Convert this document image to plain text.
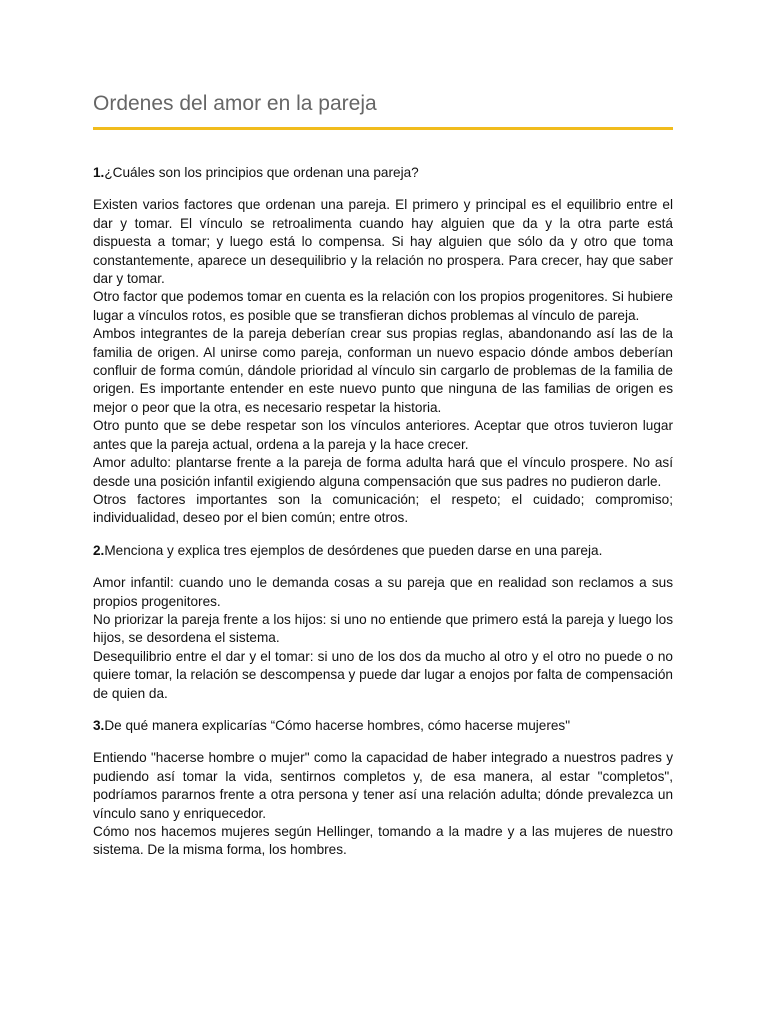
Ordenes del amor en la pareja
1.¿Cuáles son los principios que ordenan una pareja?

Existen varios factores que ordenan una pareja. El primero y principal es el equilibrio entre el dar y tomar. El vínculo se retroalimenta cuando hay alguien que da y la otra parte está dispuesta a tomar; y luego está lo compensa. Si hay alguien que sólo da y otro que toma constantemente, aparece un desequilibrio y la relación no prospera. Para crecer, hay que saber dar y tomar.

Otro factor que podemos tomar en cuenta es la relación con los propios progenitores. Si hubiere lugar a vínculos rotos, es posible que se transfieran dichos problemas al vínculo de pareja.

Ambos integrantes de la pareja deberían crear sus propias reglas, abandonando así las de la familia de origen. Al unirse como pareja, conforman un nuevo espacio dónde ambos deberían confluir de forma común, dándole prioridad al vínculo sin cargarlo de problemas de la familia de origen. Es importante entender en este nuevo punto que ninguna de las familias de origen es mejor o peor que la otra, es necesario respetar la historia.

Otro punto que se debe respetar son los vínculos anteriores. Aceptar que otros tuvieron lugar antes que la pareja actual, ordena a la pareja y la hace crecer.

Amor adulto: plantarse frente a la pareja de forma adulta hará que el vínculo prospere. No así desde una posición infantil exigiendo alguna compensación que sus padres no pudieron darle.

Otros factores importantes son la comunicación; el respeto; el cuidado; compromiso; individualidad, deseo por el bien común; entre otros.

2.Menciona y explica tres ejemplos de desórdenes que pueden darse en una pareja.

Amor infantil: cuando uno le demanda cosas a su pareja que en realidad son reclamos a sus propios progenitores.

No priorizar la pareja frente a los hijos: si uno no entiende que primero está la pareja y luego los hijos, se desordena el sistema.

Desequilibrio entre el dar y el tomar: si uno de los dos da mucho al otro y el otro no puede o no quiere tomar, la relación se descompensa y puede dar lugar a enojos por falta de compensación de quien da.

3.De qué manera explicarías “Cómo hacerse hombres, cómo hacerse mujeres"

Entiendo "hacerse hombre o mujer" como la capacidad de haber integrado a nuestros padres y pudiendo así tomar la vida, sentirnos completos y, de esa manera, al estar "completos", podríamos pararnos frente a otra persona y tener así una relación adulta; dónde prevalezca un vínculo sano y enriquecedor.

Cómo nos hacemos mujeres según Hellinger, tomando a la madre y a las mujeres de nuestro sistema. De la misma forma, los hombres.
